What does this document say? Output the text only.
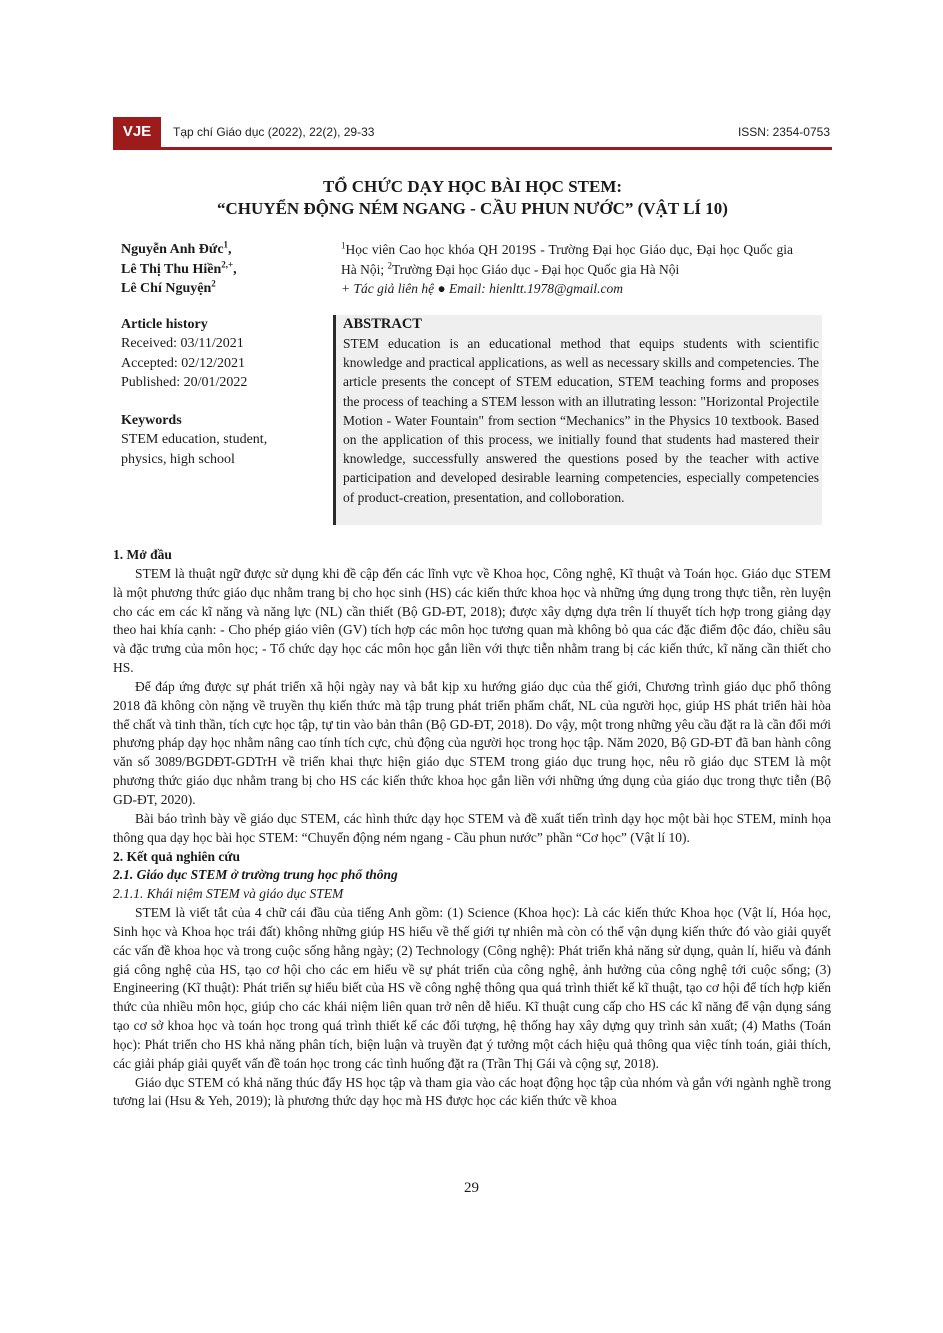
VJE	Tạp chí Giáo dục (2022), 22(2), 29-33	ISSN: 2354-0753
TỔ CHỨC DẠY HỌC BÀI HỌC STEM:
“CHUYỂN ĐỘNG NÉM NGANG - CẦU PHUN NƯỚC” (VẬT LÍ 10)
Nguyễn Anh Đức$^1$,
Lê Thị Thu Hiền$^{2,+}$,
Lê Chí Nguyện$^2$
$^1$Học viên Cao học khóa QH 2019S - Trường Đại học Giáo dục, Đại học Quốc gia Hà Nội; $^2$Trường Đại học Giáo dục - Đại học Quốc gia Hà Nội
+ Tác giả liên hệ ● Email: hienltt.1978@gmail.com
Article history
Received: 03/11/2021
Accepted: 02/12/2021
Published: 20/01/2022
Keywords
STEM education, student, physics, high school
ABSTRACT
STEM education is an educational method that equips students with scientific knowledge and practical applications, as well as necessary skills and competencies. The article presents the concept of STEM education, STEM teaching forms and proposes the process of teaching a STEM lesson with an illutrating lesson: "Horizontal Projectile Motion - Water Fountain" from section “Mechanics” in the Physics 10 textbook. Based on the application of this process, we initially found that students had mastered their knowledge, successfully answered the questions posed by the teacher with active participation and developed desirable learning competencies, especially competencies of product-creation, presentation, and colloboration.
1. Mở đầu

STEM là thuật ngữ được sử dụng khi đề cập đến các lĩnh vực về Khoa học, Công nghệ, Kĩ thuật và Toán học. Giáo dục STEM là một phương thức giáo dục nhằm trang bị cho học sinh (HS) các kiến thức khoa học và những ứng dụng trong thực tiễn, rèn luyện cho các em các kĩ năng và năng lực (NL) cần thiết (Bộ GD-ĐT, 2018); được xây dựng dựa trên lí thuyết tích hợp trong giảng dạy theo hai khía cạnh: - Cho phép giáo viên (GV) tích hợp các môn học tương quan mà không bỏ qua các đặc điểm độc đáo, chiều sâu và đặc trưng của môn học; - Tổ chức dạy học các môn học gắn liền với thực tiễn nhằm trang bị các kiến thức, kĩ năng cần thiết cho HS.

Để đáp ứng được sự phát triển xã hội ngày nay và bắt kịp xu hướng giáo dục của thế giới, Chương trình giáo dục phổ thông 2018 đã không còn nặng về truyền thụ kiến thức mà tập trung phát triển phẩm chất, NL của người học, giúp HS phát triển hài hòa thể chất và tinh thần, tích cực học tập, tự tin vào bản thân (Bộ GD-ĐT, 2018). Do vậy, một trong những yêu cầu đặt ra là cần đổi mới phương pháp dạy học nhằm nâng cao tính tích cực, chủ động của người học trong học tập. Năm 2020, Bộ GD-ĐT đã ban hành công văn số 3089/BGDĐT-GDTrH về triển khai thực hiện giáo dục STEM trong giáo dục trung học, nêu rõ giáo dục STEM là một phương thức giáo dục nhằm trang bị cho HS các kiến thức khoa học gắn liền với những ứng dụng của giáo dục trong thực tiễn (Bộ GD-ĐT, 2020).

Bài báo trình bày về giáo dục STEM, các hình thức dạy học STEM và đề xuất tiến trình dạy học một bài học STEM, minh họa thông qua dạy học bài học STEM: “Chuyển động ném ngang - Cầu phun nước” phần “Cơ học” (Vật lí 10).

2. Kết quả nghiên cứu
2.1. Giáo dục STEM ở trường trung học phổ thông
2.1.1. Khái niệm STEM và giáo dục STEM

STEM là viết tắt của 4 chữ cái đầu của tiếng Anh gồm: (1) Science (Khoa học): Là các kiến thức Khoa học (Vật lí, Hóa học, Sinh học và Khoa học trái đất) không những giúp HS hiểu về thế giới tự nhiên mà còn có thể vận dụng kiến thức đó vào giải quyết các vấn đề khoa học và trong cuộc sống hằng ngày; (2) Technology (Công nghệ): Phát triển khả năng sử dụng, quản lí, hiểu và đánh giá công nghệ của HS, tạo cơ hội cho các em hiểu về sự phát triển của công nghệ, ảnh hưởng của công nghệ tới cuộc sống; (3) Engineering (Kĩ thuật): Phát triển sự hiểu biết của HS về công nghệ thông qua quá trình thiết kế kĩ thuật, tạo cơ hội để tích hợp kiến thức của nhiều môn học, giúp cho các khái niệm liên quan trở nên dễ hiểu. Kĩ thuật cung cấp cho HS các kĩ năng để vận dụng sáng tạo cơ sở khoa học và toán học trong quá trình thiết kế các đối tượng, hệ thống hay xây dựng quy trình sản xuất; (4) Maths (Toán học): Phát triển cho HS khả năng phân tích, biện luận và truyền đạt ý tưởng một cách hiệu quả thông qua việc tính toán, giải thích, các giải pháp giải quyết vấn đề toán học trong các tình huống đặt ra (Trần Thị Gái và cộng sự, 2018).

Giáo dục STEM có khả năng thúc đẩy HS học tập và tham gia vào các hoạt động học tập của nhóm và gắn với ngành nghề trong tương lai (Hsu & Yeh, 2019); là phương thức dạy học mà HS được học các kiến thức về khoa

29
